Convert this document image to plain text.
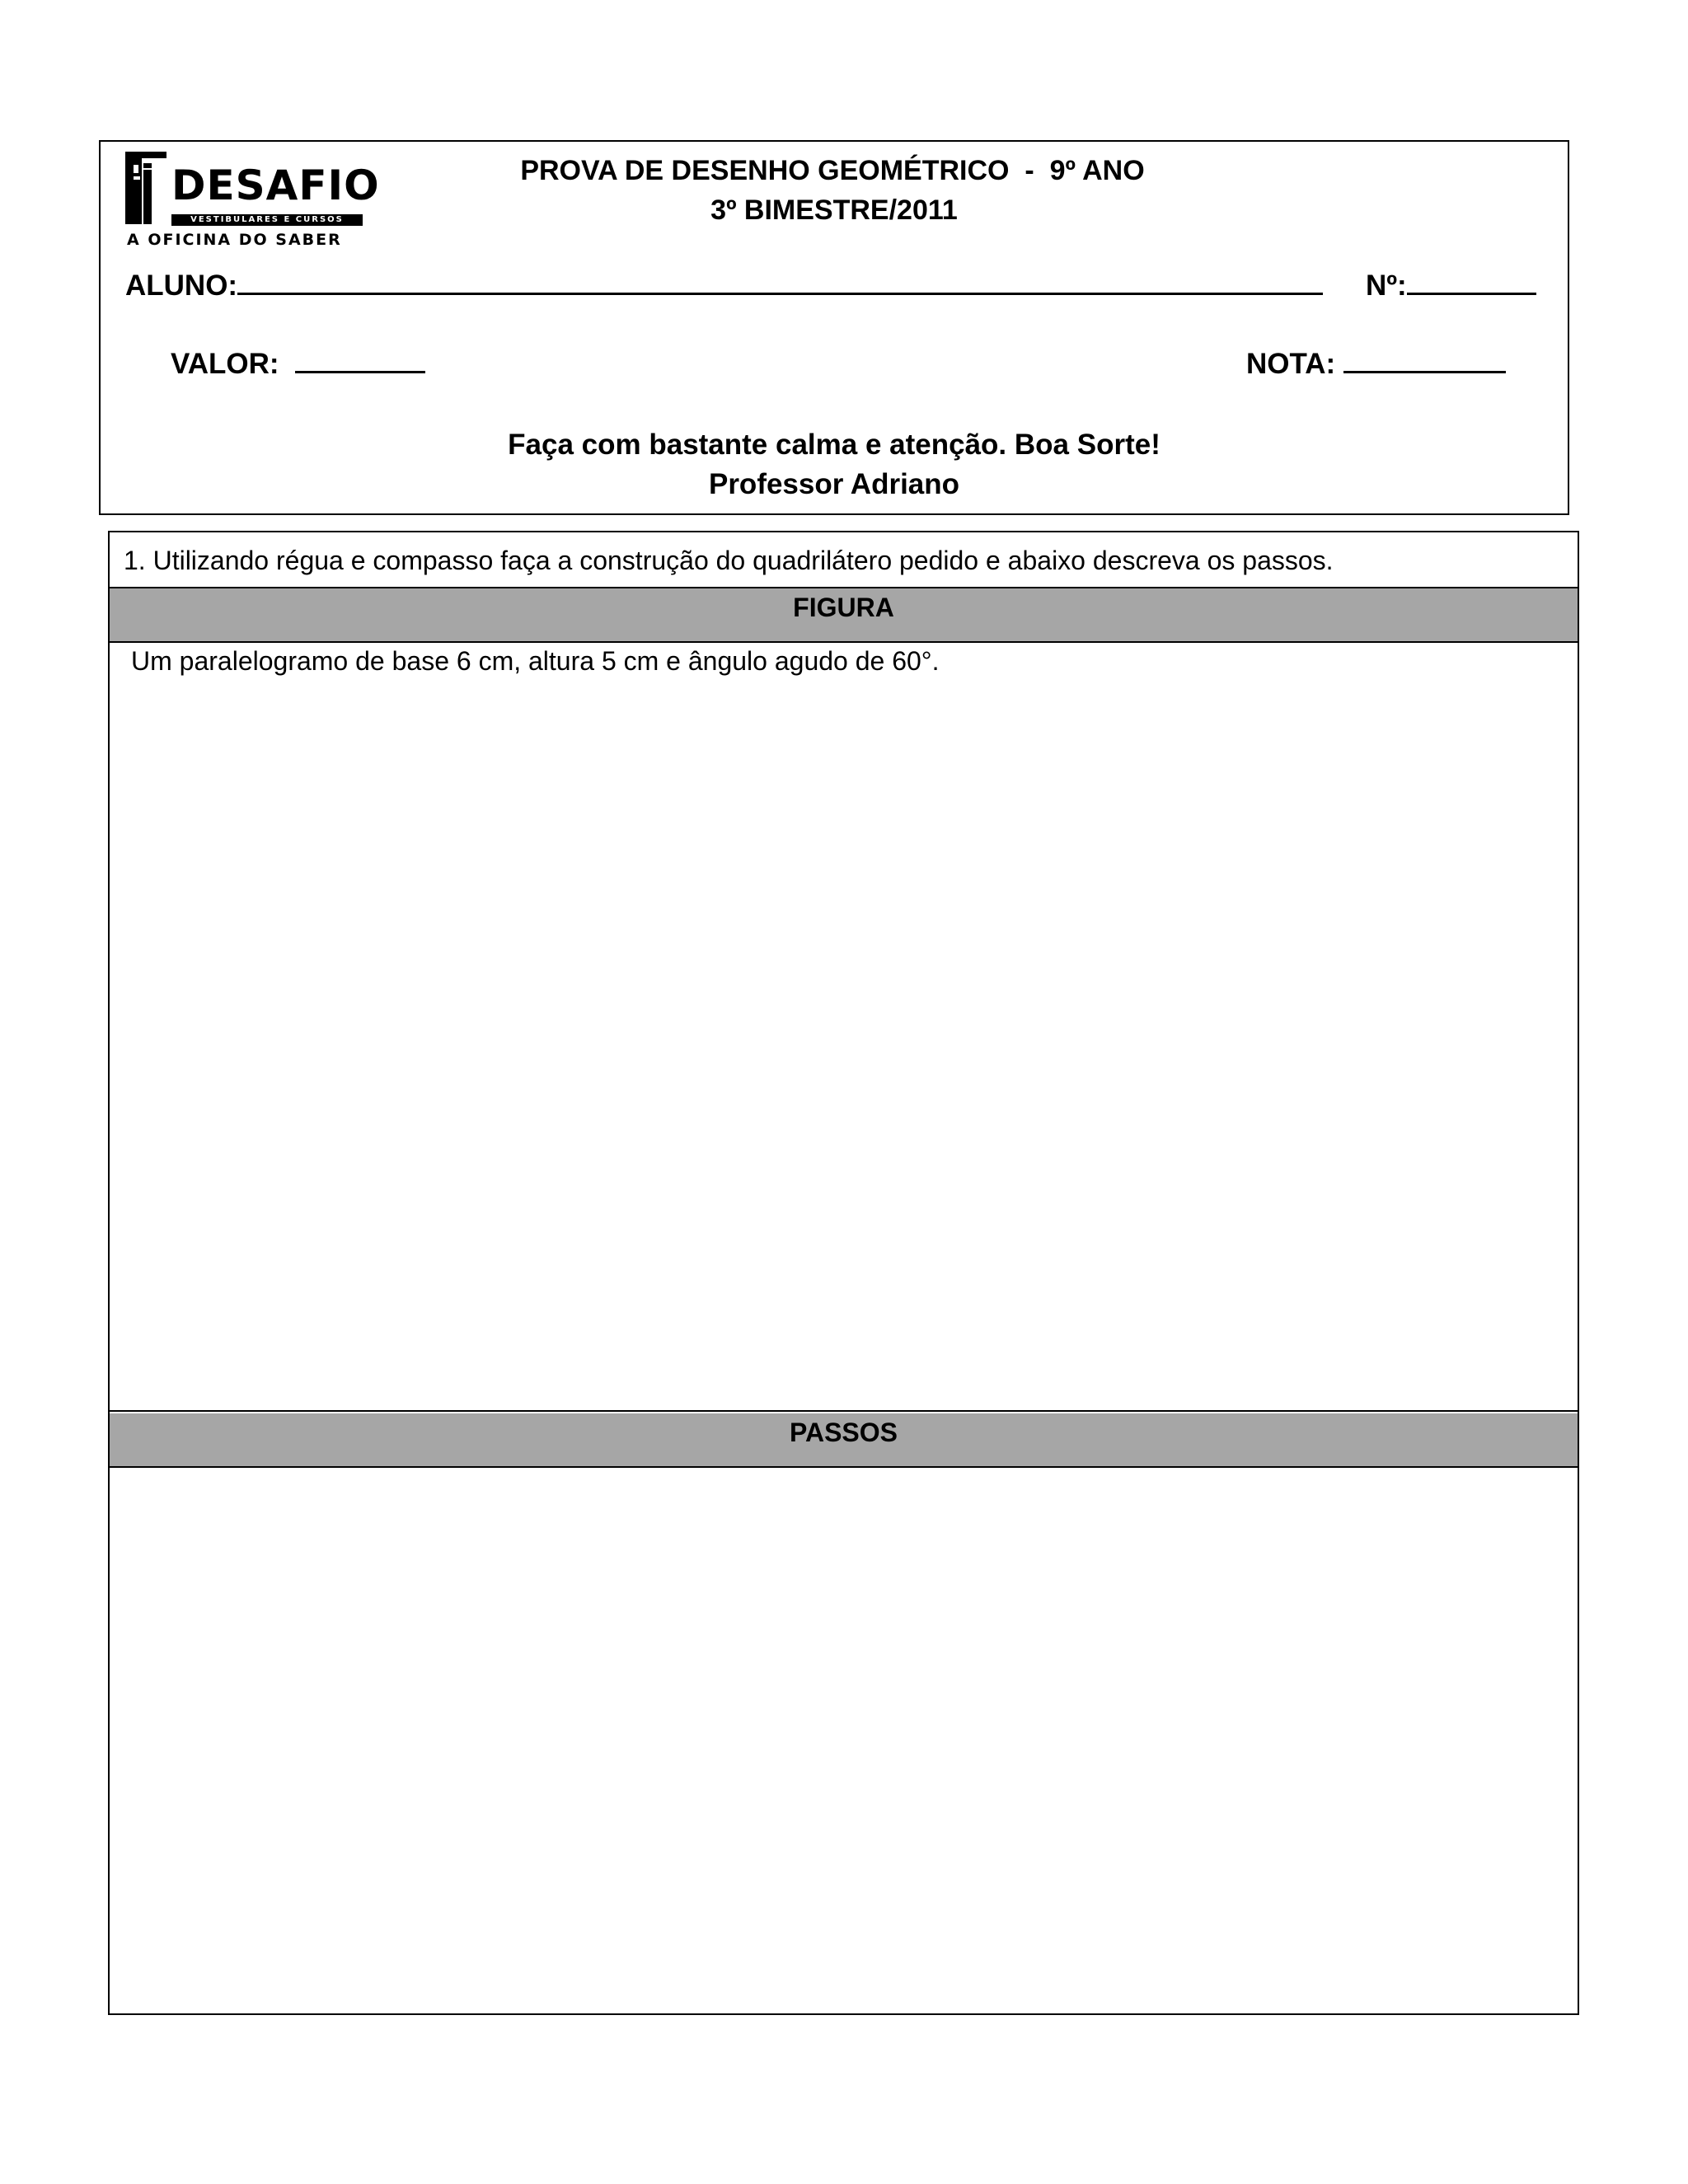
DESAFIO
VESTIBULARES E CURSOS
A OFICINA DO SABER
PROVA DE DESENHO GEOMÉTRICO  -  9º ANO
3º BIMESTRE/2011
ALUNO:	Nº:
VALOR:	NOTA:
Faça com bastante calma e atenção. Boa Sorte!
Professor Adriano
1. Utilizando régua e compasso faça a construção do quadrilátero pedido e abaixo descreva os passos.
FIGURA
Um paralelogramo de base 6 cm, altura 5 cm e ângulo agudo de 60°.
PASSOS
